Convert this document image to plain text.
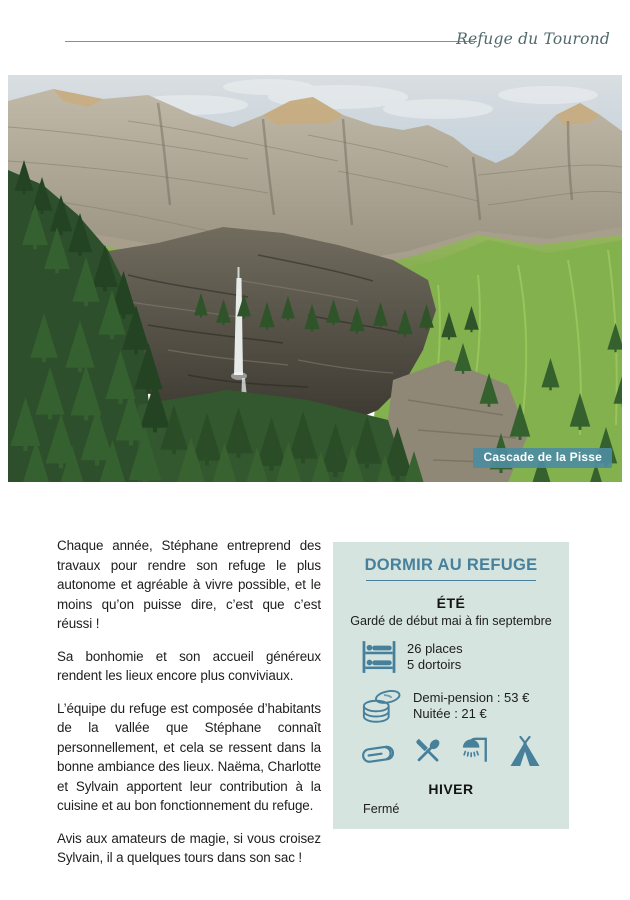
Refuge du Tourond
Cascade de la Pisse

Chaque année, Stéphane entreprend des travaux pour rendre son refuge le plus autonome et agréable à vivre possible, et le moins qu’on puisse dire, c’est que c’est réussi !

Sa bonhomie et son accueil généreux rendent les lieux encore plus conviviaux.

L’équipe du refuge est composée d’habitants de la vallée que Stéphane connaît personnellement, et cela se ressent dans la bonne ambiance des lieux. Naëma, Charlotte et Sylvain apportent leur contribution à la cuisine et au bon fonctionnement du refuge.

Avis aux amateurs de magie, si vous croisez Sylvain, il a quelques tours dans son sac !

DORMIR AU REFUGE
ÉTÉ

Gardé de début mai à fin septembre

26 places
5 dortoirs
Demi-pension : 53 €
Nuitée : 21 €
HIVER

Fermé
